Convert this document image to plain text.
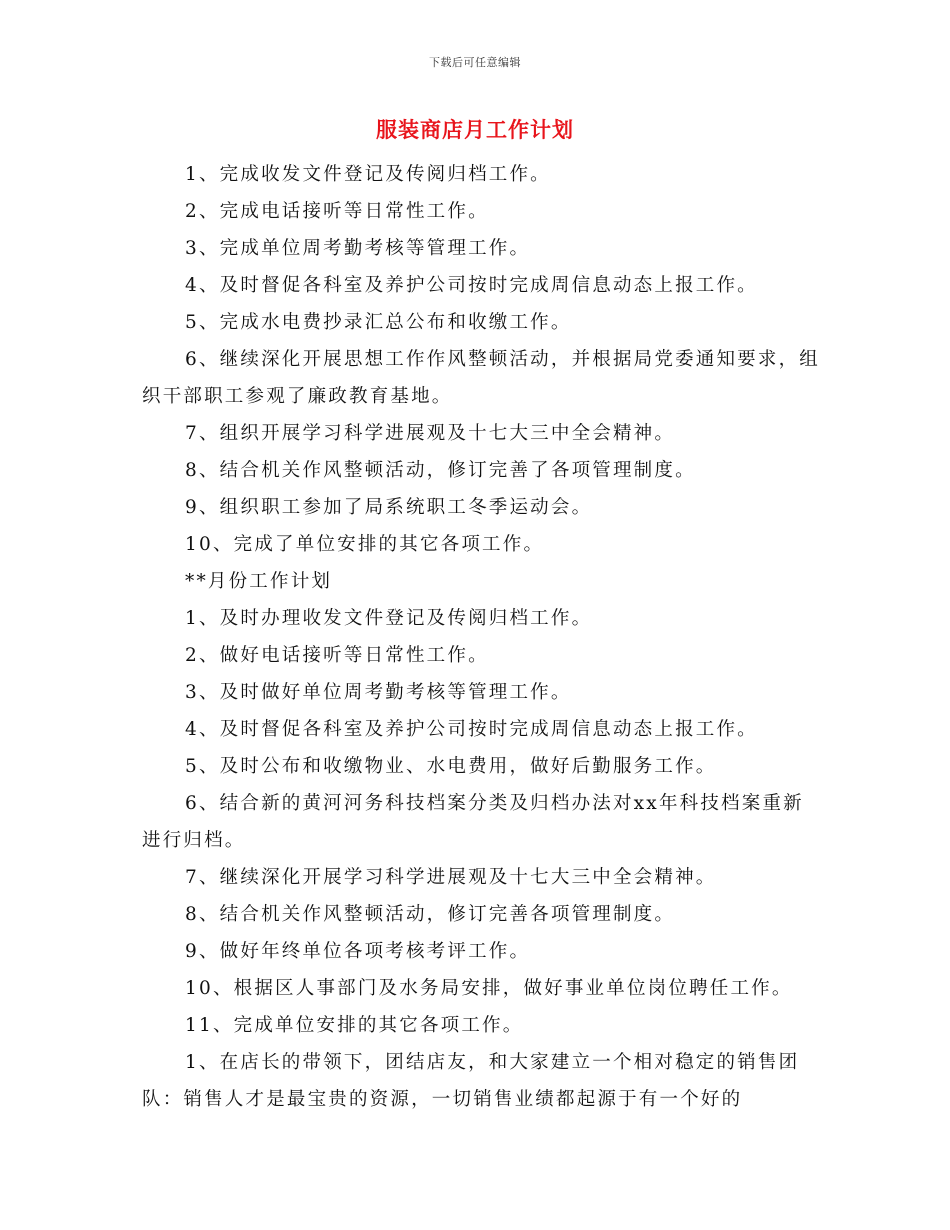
下载后可任意编辑
服装商店月工作计划

1、完成收发文件登记及传阅归档工作。

2、完成电话接听等日常性工作。

3、完成单位周考勤考核等管理工作。

4、及时督促各科室及养护公司按时完成周信息动态上报工作。

5、完成水电费抄录汇总公布和收缴工作。

6、继续深化开展思想工作作风整顿活动，并根据局党委通知要求，组织干部职工参观了廉政教育基地。

7、组织开展学习科学进展观及十七大三中全会精神。

8、结合机关作风整顿活动，修订完善了各项管理制度。

9、组织职工参加了局系统职工冬季运动会。

10、完成了单位安排的其它各项工作。

**月份工作计划

1、及时办理收发文件登记及传阅归档工作。

2、做好电话接听等日常性工作。

3、及时做好单位周考勤考核等管理工作。

4、及时督促各科室及养护公司按时完成周信息动态上报工作。

5、及时公布和收缴物业、水电费用，做好后勤服务工作。

6、结合新的黄河河务科技档案分类及归档办法对xx年科技档案重新进行归档。

7、继续深化开展学习科学进展观及十七大三中全会精神。

8、结合机关作风整顿活动，修订完善各项管理制度。

9、做好年终单位各项考核考评工作。

10、根据区人事部门及水务局安排，做好事业单位岗位聘任工作。

11、完成单位安排的其它各项工作。

1、在店长的带领下，团结店友，和大家建立一个相对稳定的销售团队：销售人才是最宝贵的资源，一切销售业绩都起源于有一个好的
